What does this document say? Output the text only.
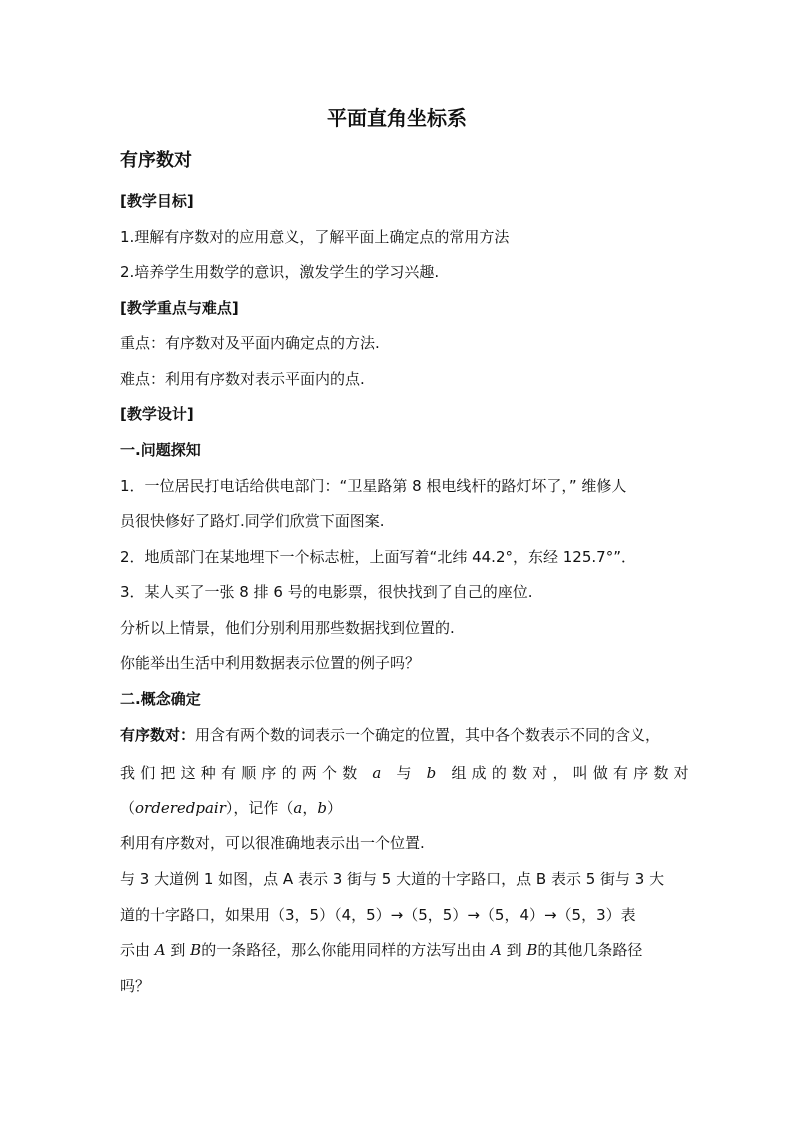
平面直角坐标系
有序数对
[教学目标]
1.理解有序数对的应用意义，了解平面上确定点的常用方法
2.培养学生用数学的意识，激发学生的学习兴趣.
[教学重点与难点]
重点：有序数对及平面内确定点的方法.
难点：利用有序数对表示平面内的点.
[教学设计]
一.问题探知
1．一位居民打电话给供电部门：“卫星路第 8 根电线杆的路灯坏了，” 维修人
员很快修好了路灯.同学们欣赏下面图案.
2．地质部门在某地埋下一个标志桩，上面写着“北纬 44.2°，东经 125.7°”．
3．某人买了一张 8 排 6 号的电影票，很快找到了自己的座位.
分析以上情景，他们分别利用那些数据找到位置的.
你能举出生活中利用数据表示位置的例子吗？
二.概念确定
有序数对：用含有两个数的词表示一个确定的位置，其中各个数表示不同的含义，
我们把这种有顺序的两个数 a 与 b 组成的数对，叫做有序数对
（orderedpair），记作（a，b）
利用有序数对，可以很准确地表示出一个位置.
与 3 大道例 1 如图，点 A 表示 3 街与 5 大道的十字路口，点 B 表示 5 街与 3 大
道的十字路口，如果用（3，5）（4，5）→（5，5）→（5，4）→（5，3）表
示由 A 到 B的一条路径，那么你能用同样的方法写出由 A 到 B的其他几条路径
吗？
